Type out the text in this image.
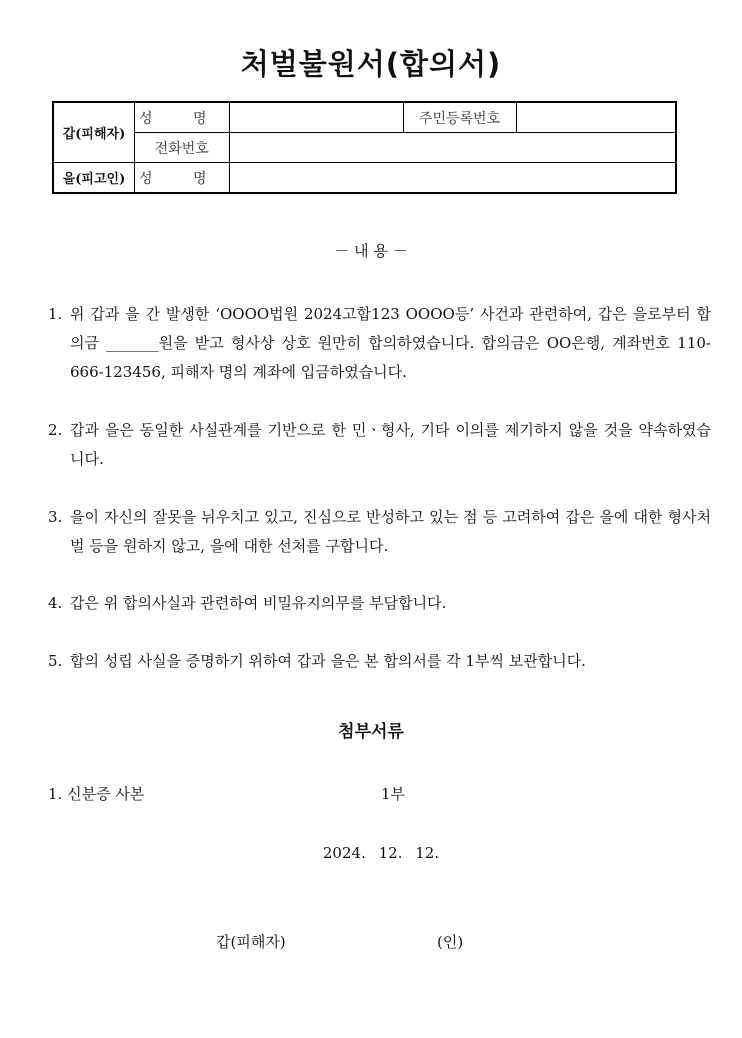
처벌불원서(합의서)
갑(피해자)	성 명		주민등록번호	
	전화번호			
을(피고인)	성 명			
－ 내 용 －
1. 위 갑과 을 간 발생한 ‘OOOO법원 2024고합123 OOOO등’ 사건과 관련하여, 갑은 을로부터 합의금 _______원을 받고 형사상 상호 원만히 합의하였습니다. 합의금은 OO은행, 계좌번호 110-666-123456, 피해자 명의 계좌에 입금하였습니다.
2. 갑과 을은 동일한 사실관계를 기반으로 한 민ㆍ형사, 기타 이의를 제기하지 않을 것을 약속하였습니다.
3. 을이 자신의 잘못을 뉘우치고 있고, 진심으로 반성하고 있는 점 등 고려하여 갑은 을에 대한 형사처벌 등을 원하지 않고, 을에 대한 선처를 구합니다.
4. 갑은 위 합의사실과 관련하여 비밀유지의무를 부담합니다.
5. 합의 성립 사실을 증명하기 위하여 갑과 을은 본 합의서를 각 1부씩 보관합니다.
첨부서류
1. 신분증 사본	1부
2024. 12. 12.
갑(피해자)	(인)
